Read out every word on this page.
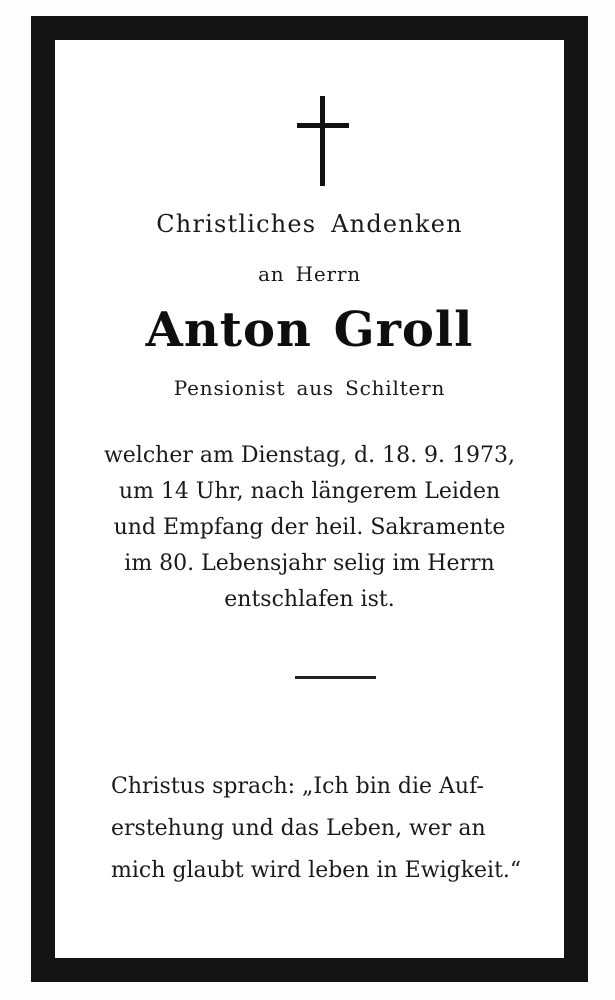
Christliches Andenken
an Herrn
Anton Groll
Pensionist aus Schiltern
welcher am Dienstag, d. 18. 9. 1973,
um 14 Uhr, nach längerem Leiden
und Empfang der heil. Sakramente
im 80. Lebensjahr selig im Herrn
entschlafen ist.
Christus sprach: „Ich bin die Auf-
erstehung und das Leben, wer an
mich glaubt wird leben in Ewigkeit.“
